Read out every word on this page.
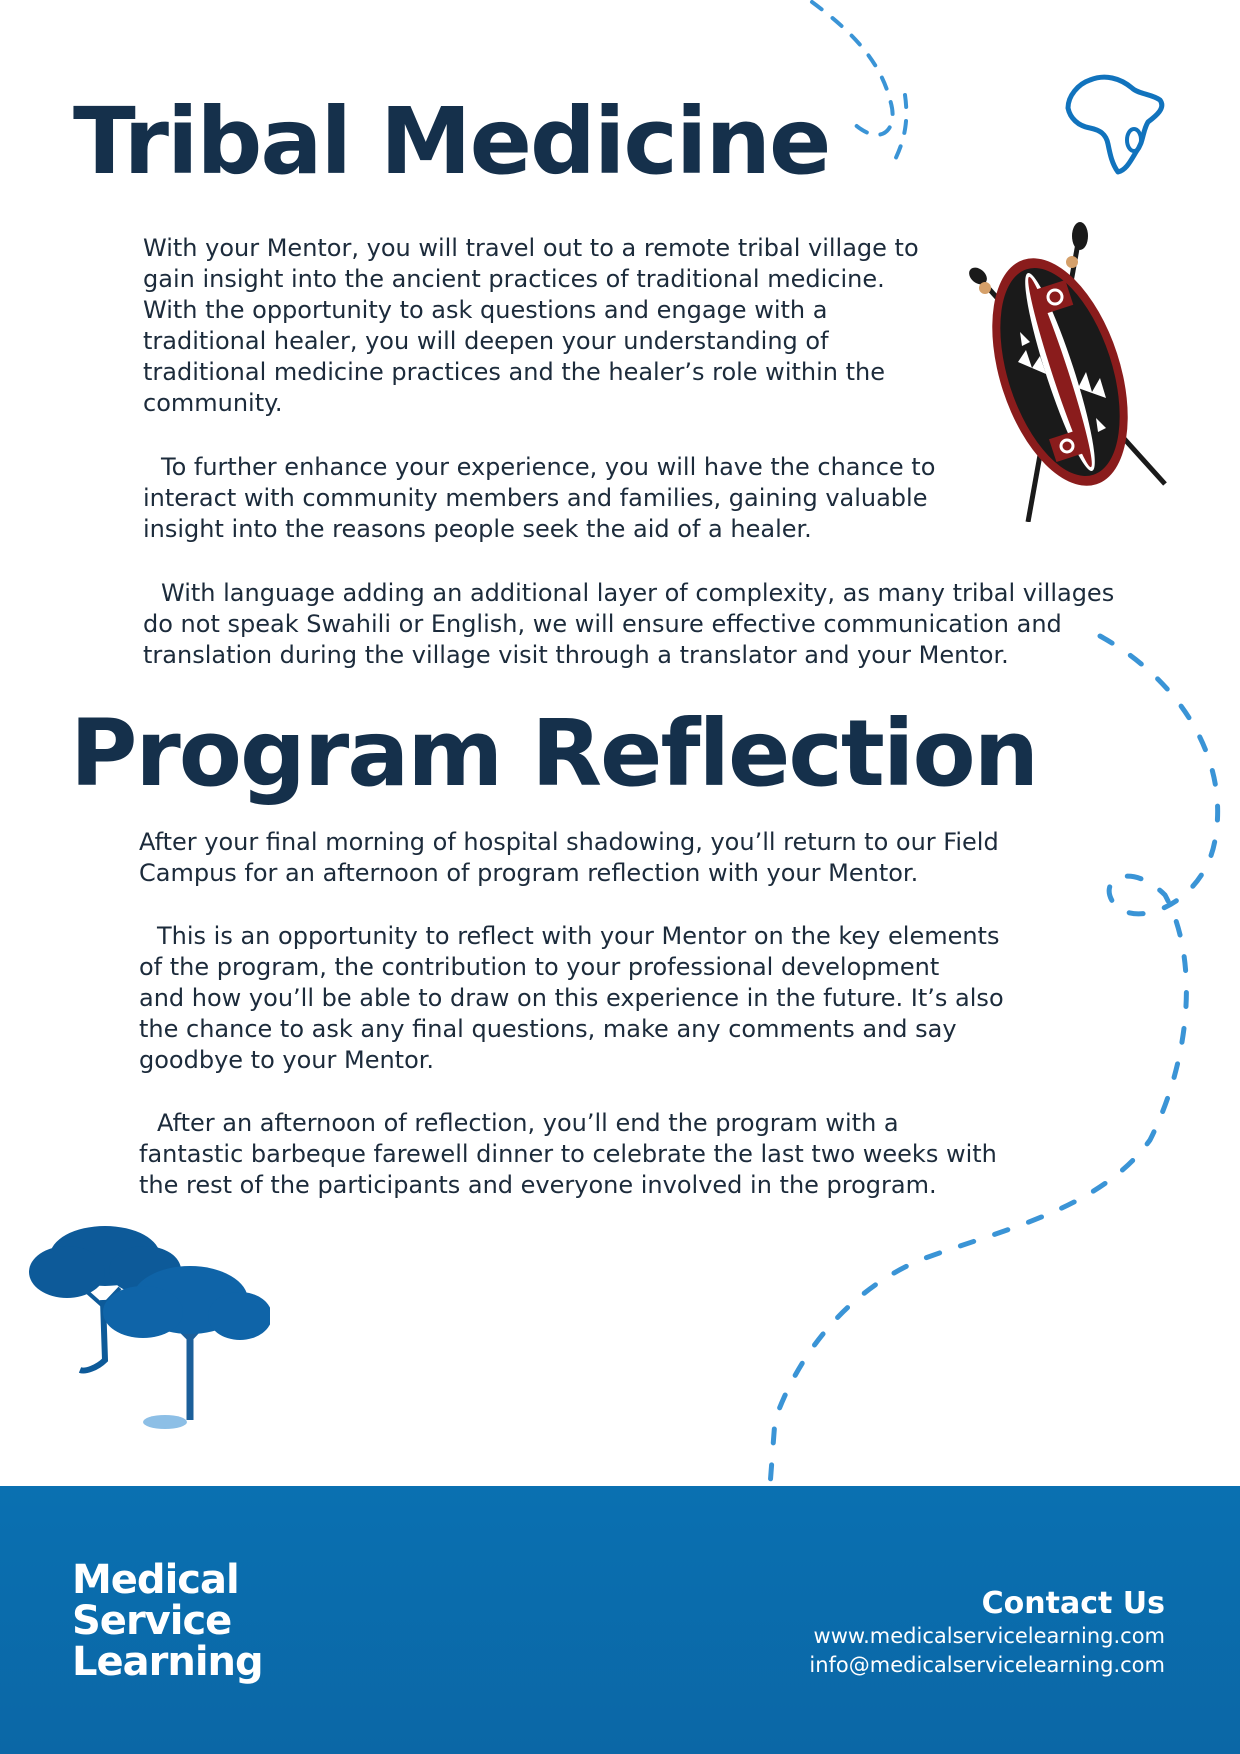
Tribal Medicine

With your Mentor, you will travel out to a remote tribal village to
gain insight into the ancient practices of traditional medicine.
With the opportunity to ask questions and engage with a
traditional healer, you will deepen your understanding of
traditional medicine practices and the healer’s role within the
community.

To further enhance your experience, you will have the chance to
interact with community members and families, gaining valuable
insight into the reasons people seek the aid of a healer.

With language adding an additional layer of complexity, as many tribal villages
do not speak Swahili or English, we will ensure effective communication and
translation during the village visit through a translator and your Mentor.

Program Reflection

After your final morning of hospital shadowing, you’ll return to our Field
Campus for an afternoon of program reflection with your Mentor.

This is an opportunity to reflect with your Mentor on the key elements
of the program, the contribution to your professional development
and how you’ll be able to draw on this experience in the future. It’s also
the chance to ask any final questions, make any comments and say
goodbye to your Mentor.

After an afternoon of reflection, you’ll end the program with a
fantastic barbeque farewell dinner to celebrate the last two weeks with
the rest of the participants and everyone involved in the program.

Medical
Service
Learning
Contact Us
www.medicalservicelearning.com
info@medicalservicelearning.com
